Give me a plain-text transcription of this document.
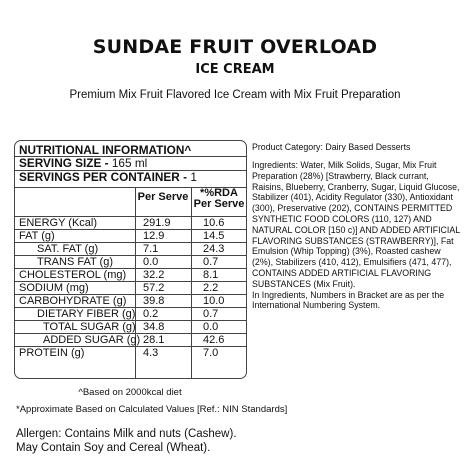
SUNDAE FRUIT OVERLOAD
ICE CREAM
Premium Mix Fruit Flavored Ice Cream with Mix Fruit Preparation
NUTRITIONAL INFORMATION^
SERVING SIZE - 165 ml
SERVINGS PER CONTAINER - 1
Per Serve	*%RDA
Per Serve
ENERGY (Kcal)	291.9	10.6
FAT (g)	12.9	14.5
SAT. FAT (g)	7.1	24.3
TRANS FAT (g)	0.0	0.7
CHOLESTEROL (mg) 32.2	8.1
SODIUM (mg)	57.2	2.2
CARBOHYDRATE (g) 39.8	10.0
DIETARY FIBER (g) 0.2	0.7
TOTAL SUGAR (g) 34.8	0.0
ADDED SUGAR (g) 28.1	42.6
PROTEIN (g)	4.3	7.0
^Based on 2000kcal diet
*Approximate Based on Calculated Values [Ref.: NIN Standards]
Allergen: Contains Milk and nuts (Cashew).
May Contain Soy and Cereal (Wheat).
Product Category: Dairy Based Desserts
Ingredients: Water, Milk Solids, Sugar, Mix Fruit Preparation (28%) [Strawberry, Black currant, Raisins, Blueberry, Cranberry, Sugar, Liquid Glucose, Stabilizer (401), Acidity Regulator (330), Antioxidant (300), Preservative (202), CONTAINS PERMITTED SYNTHETIC FOOD COLORS (110, 127) AND NATURAL COLOR [150 c)] AND ADDED ARTIFICIAL FLAVORING SUBSTANCES (STRAWBERRY)], Fat Emulsion (Whip Topping) (3%), Roasted cashew (2%), Stabilizers (410, 412), Emulsifiers (471, 477), CONTAINS ADDED ARTIFICIAL FLAVORING SUBSTANCES (Mix Fruit).
In Ingredients, Numbers in Bracket are as per the International Numbering System.
